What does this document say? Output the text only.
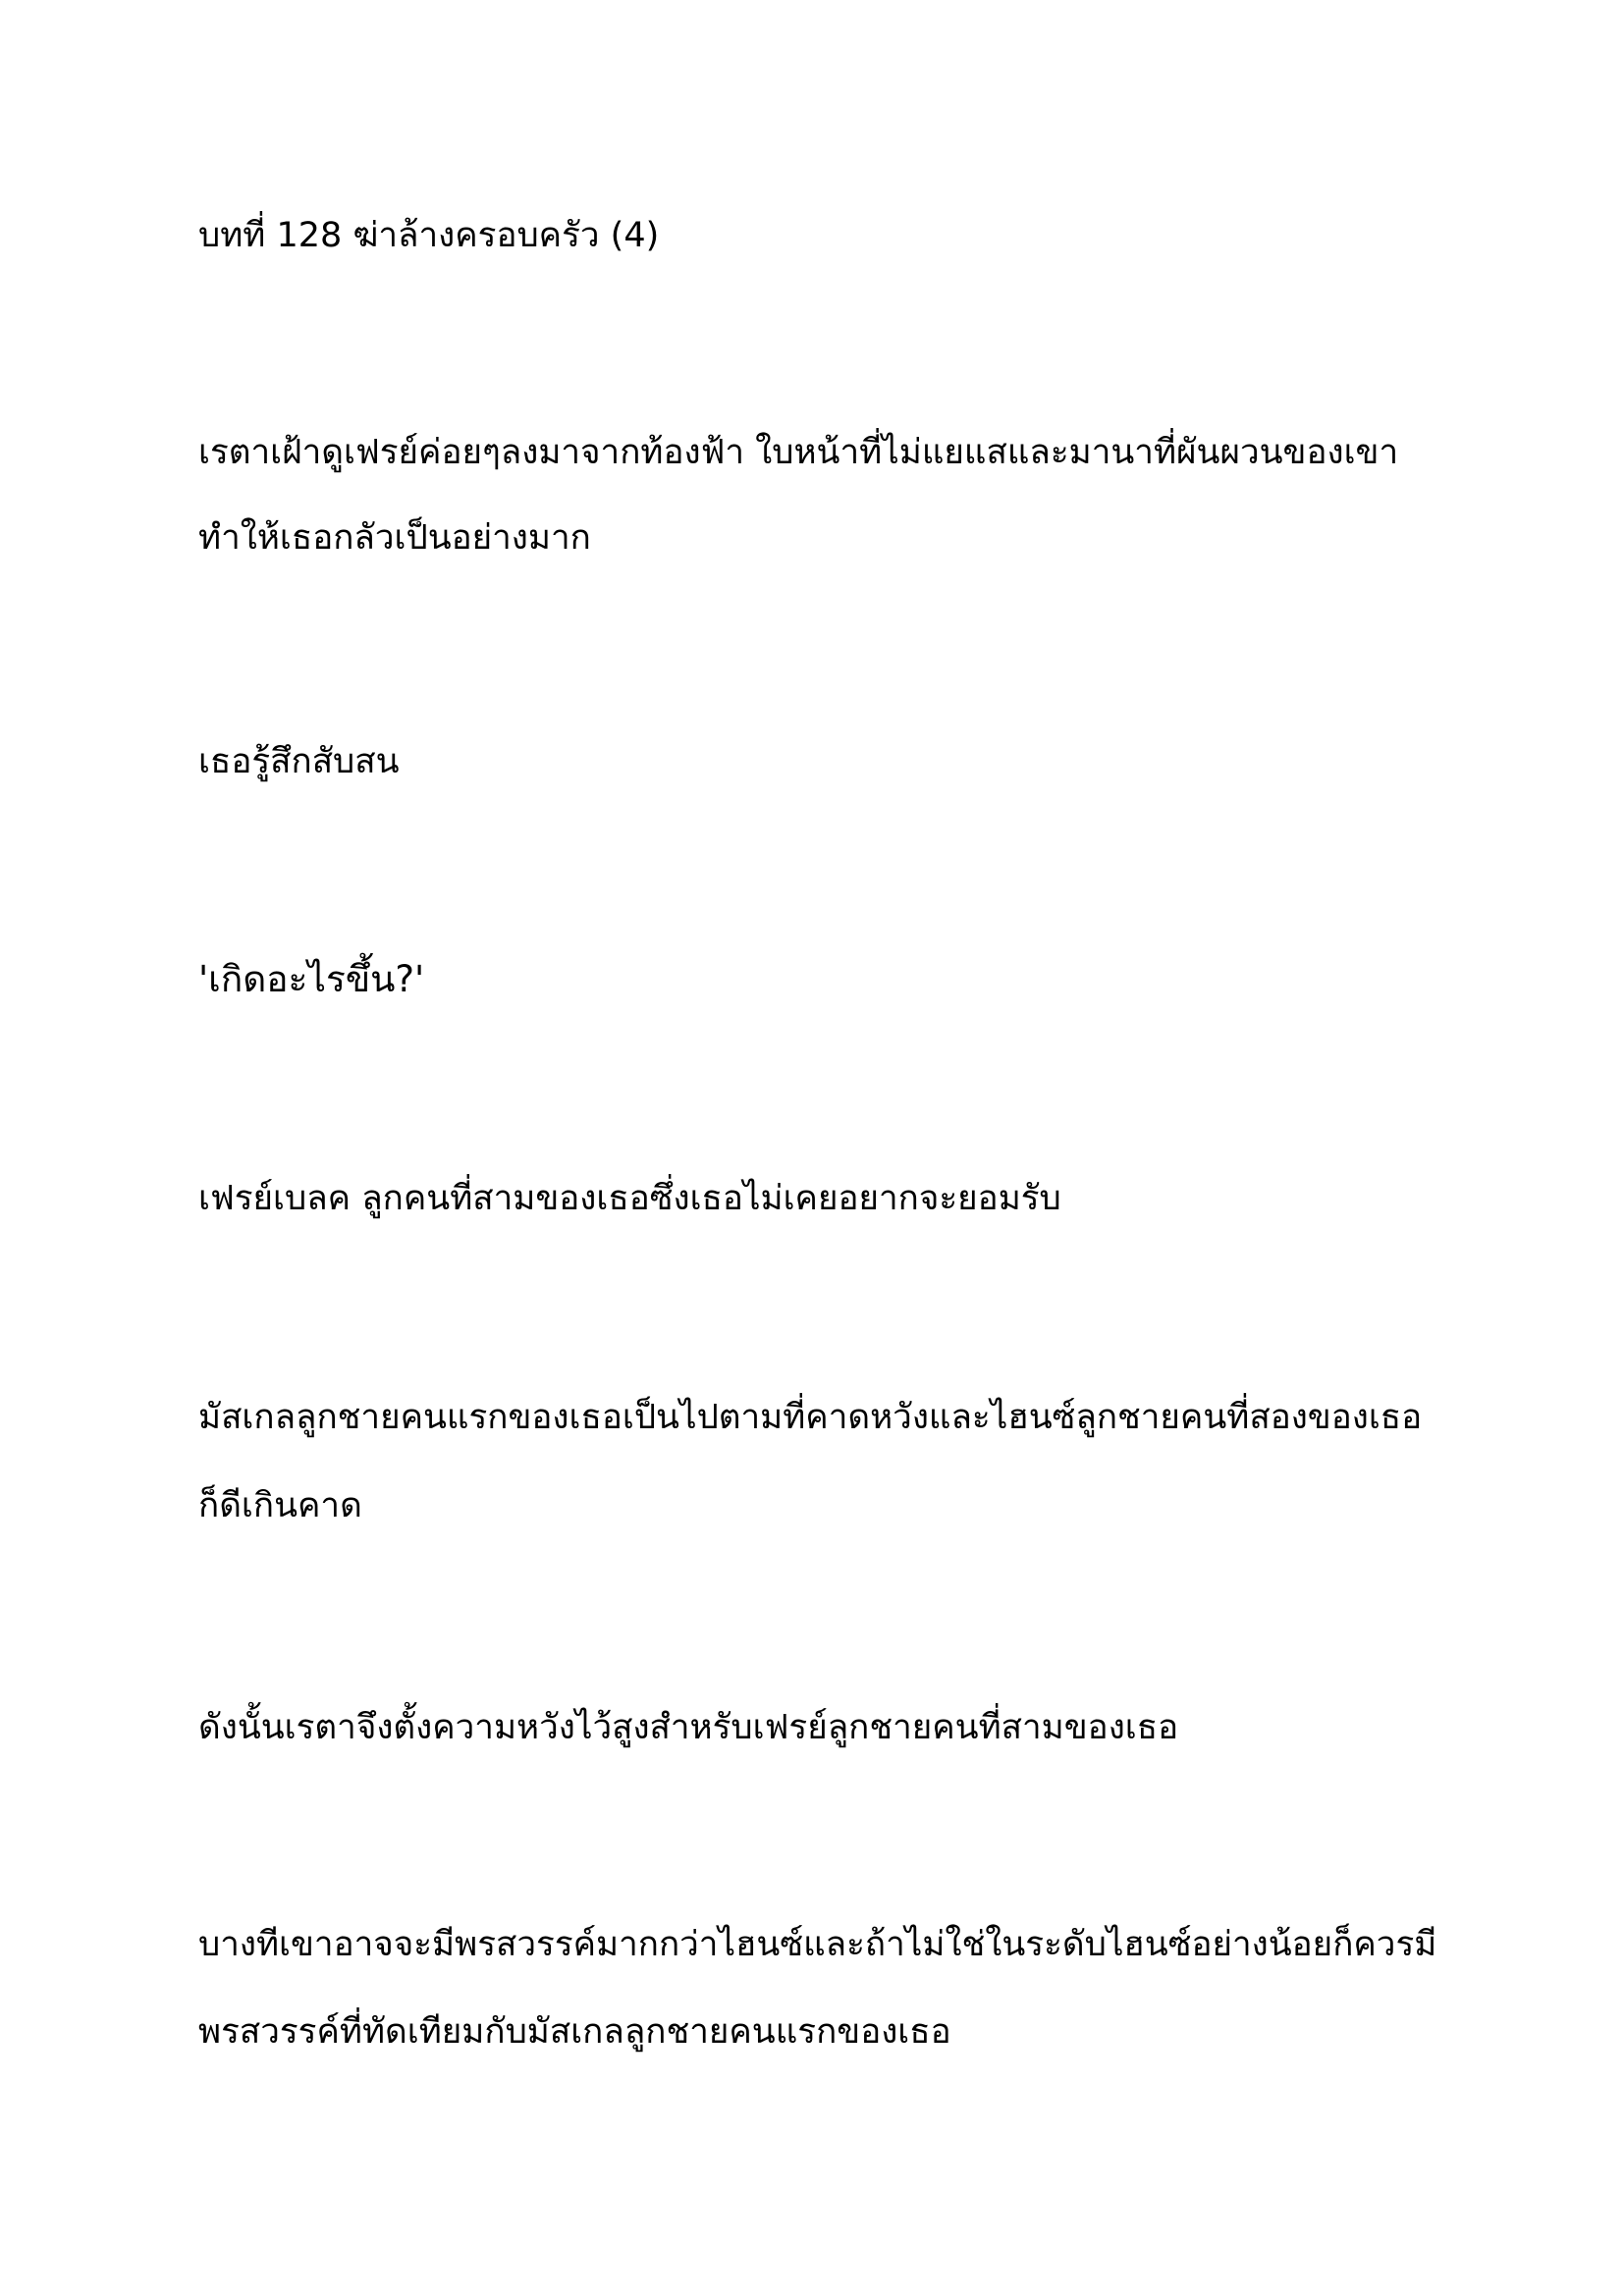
บทที่ 128 ฆ่าล้างครอบครัว (4)

เรตาเฝ้าดูเฟรย์ค่อยๆลงมาจากท้องฟ้า ใบหน้าที่ไม่แยแสและมานาที่ผันผวนของเขา

ทำให้เธอกลัวเป็นอย่างมาก

เธอรู้สึกสับสน

'เกิดอะไรขึ้น?'

เฟรย์เบลค ลูกคนที่สามของเธอซึ่งเธอไม่เคยอยากจะยอมรับ

มัสเกลลูกชายคนแรกของเธอเป็นไปตามที่คาดหวังและไฮนซ์ลูกชายคนที่สองของเธอ

ก็ดีเกินคาด

ดังนั้นเรตาจึงตั้งความหวังไว้สูงสำหรับเฟรย์ลูกชายคนที่สามของเธอ

บางทีเขาอาจจะมีพรสวรรค์มากกว่าไฮนซ์และถ้าไม่ใช่ในระดับไฮนซ์อย่างน้อยก็ควรมี

พรสวรรค์ที่ทัดเทียมกับมัสเกลลูกชายคนแรกของเธอ
